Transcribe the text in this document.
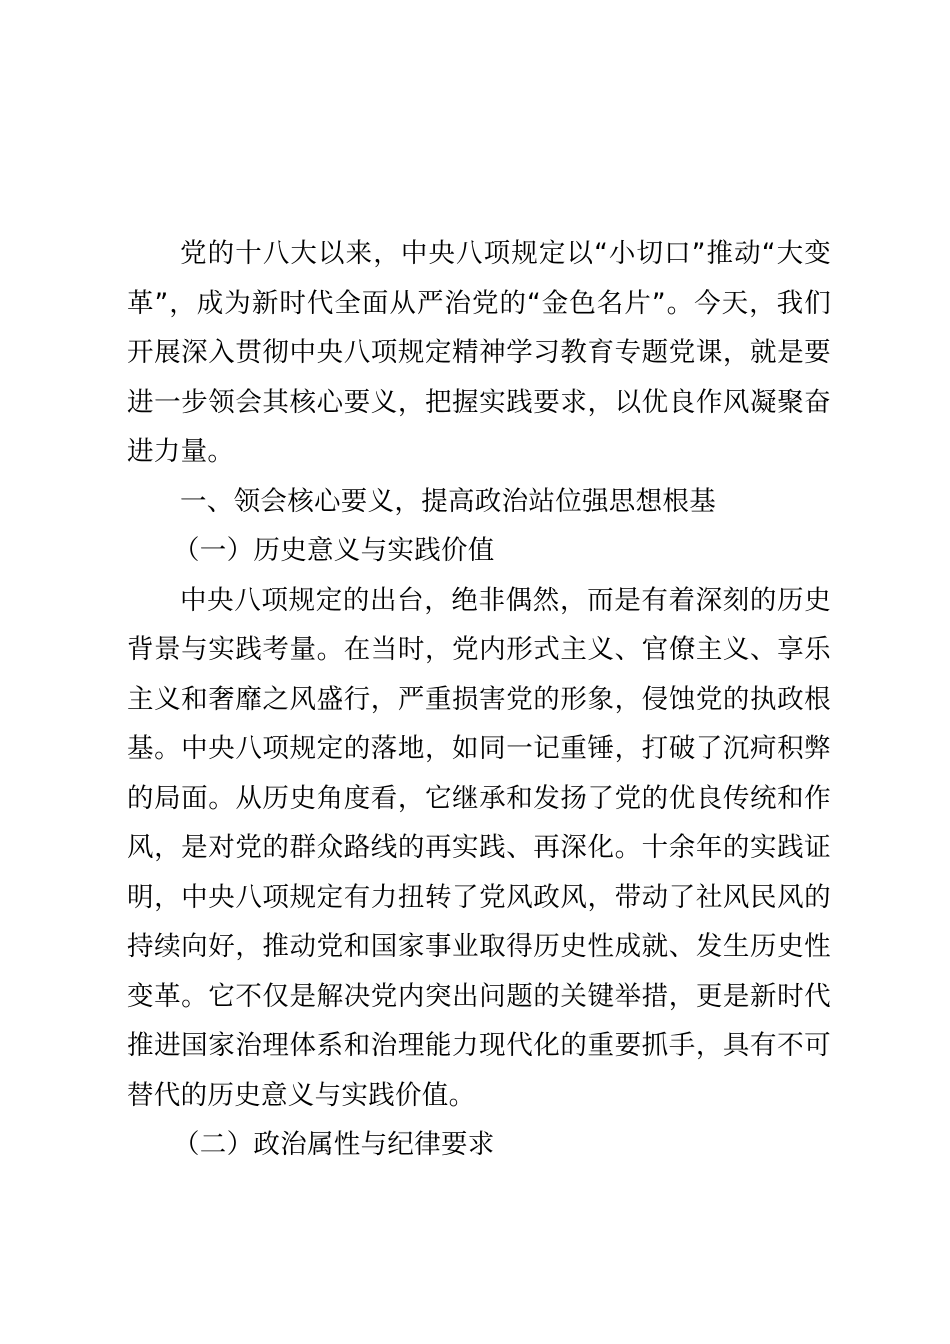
党的十八大以来，中央八项规定以“小切口”推动“大变革”，成为新时代全面从严治党的“金色名片”。今天，我们开展深入贯彻中央八项规定精神学习教育专题党课，就是要进一步领会其核心要义，把握实践要求，以优良作风凝聚奋进力量。

一、领会核心要义，提高政治站位强思想根基

（一）历史意义与实践价值

中央八项规定的出台，绝非偶然，而是有着深刻的历史背景与实践考量。在当时，党内形式主义、官僚主义、享乐主义和奢靡之风盛行，严重损害党的形象，侵蚀党的执政根基。中央八项规定的落地，如同一记重锤，打破了沉疴积弊的局面。从历史角度看，它继承和发扬了党的优良传统和作风，是对党的群众路线的再实践、再深化。十余年的实践证明，中央八项规定有力扭转了党风政风，带动了社风民风的持续向好，推动党和国家事业取得历史性成就、发生历史性变革。它不仅是解决党内突出问题的关键举措，更是新时代推进国家治理体系和治理能力现代化的重要抓手，具有不可替代的历史意义与实践价值。

（二）政治属性与纪律要求
